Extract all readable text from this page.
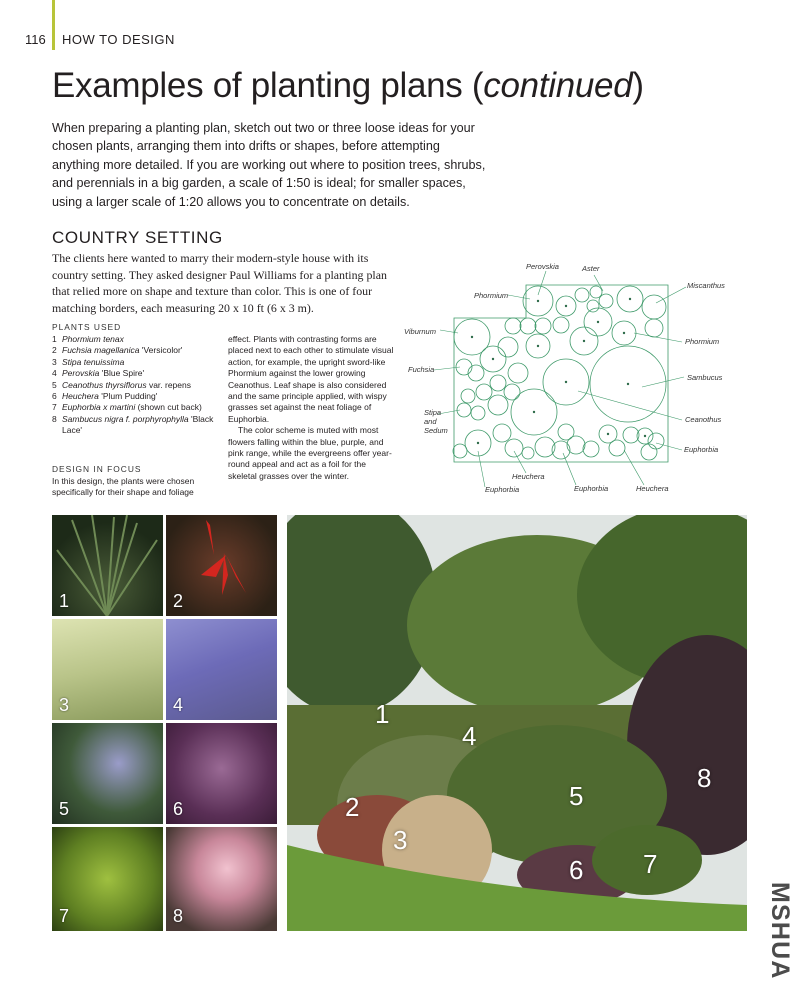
116 HOW TO DESIGN
Examples of planting plans (continued)

When preparing a planting plan, sketch out two or three loose ideas for your chosen plants, arranging them into drifts or shapes, before attempting anything more detailed. If you are working out where to position trees, shrubs, and perennials in a big garden, a scale of 1:50 is ideal; for smaller spaces, using a larger scale of 1:20 allows you to concentrate on details.

COUNTRY SETTING

The clients here wanted to marry their modern-style house with its country setting. They asked designer Paul Williams for a planting plan that relied more on shape and texture than color. This is one of four matching borders, each measuring 20 x 10 ft (6 x 3 m).

PLANTS USED
1 Phormium tenax
2 Fuchsia magellanica 'Versicolor'
3 Stipa tenuissima
4 Perovskia 'Blue Spire'
5 Ceanothus thyrsiflorus var. repens
6 Heuchera 'Plum Pudding'
7 Euphorbia x martini (shown cut back)
8 Sambucus nigra f. porphyrophylla 'Black Lace'
DESIGN IN FOCUS

In this design, the plants were chosen specifically for their shape and foliage

effect. Plants with contrasting forms are placed next to each other to stimulate visual action, for example, the upright sword-like Phormium against the lower growing Ceanothus. Leaf shape is also considered and the same principle applied, with wispy grasses set against the neat foliage of Euphorbia.

The color scheme is muted with most flowers falling within the blue, purple, and pink range, while the evergreens offer year-round appeal and act as a foil for the skeletal grasses over the winter.

Perovskia	Aster
Miscanthus
Phormium
Viburnum
Phormium
Fuchsia
Sambucus
Stipa
and
Sedum
Ceanothus
Euphorbia
Heuchera
Euphorbia	Euphorbia	Heuchera
1	2
3	4
5	6
7	8
1
4
2
3
5
6 7
8
MSHUA
